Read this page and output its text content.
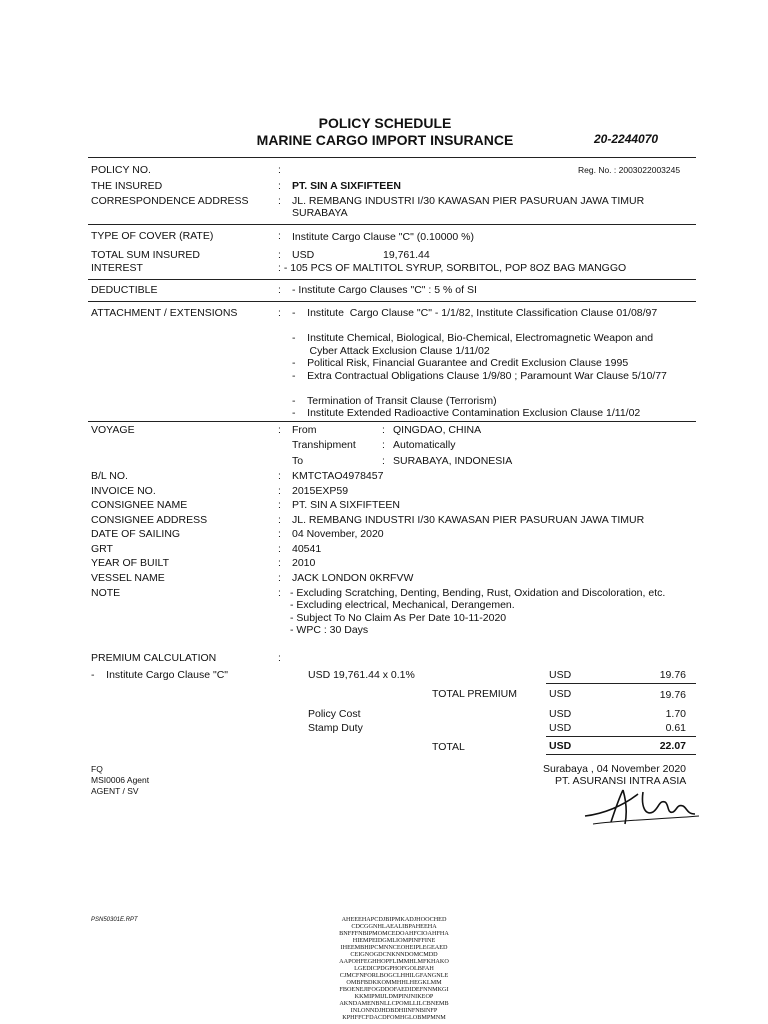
POLICY SCHEDULE
MARINE CARGO IMPORT INSURANCE	20-2244070
POLICY NO.	:	Reg. No. : 2003022003245
THE INSURED	: PT. SIN A SIXFIFTEEN
CORRESPONDENCE ADDRESS	: JL. REMBANG INDUSTRI I/30 KAWASAN PIER PASURUAN JAWA TIMUR
SURABAYA
TYPE OF COVER (RATE)	: Institute Cargo Clause "C" (0.10000 %)
TOTAL SUM INSURED	: USD	19,761.44
INTEREST	: - 105 PCS OF MALTITOL SYRUP, SORBITOL, POP 8OZ BAG MANGGO
DEDUCTIBLE	: - Institute Cargo Clauses "C" : 5 % of SI
ATTACHMENT / EXTENSIONS	: -    Institute  Cargo Clause "C" - 1/1/82, Institute Classification Clause 01/08/97
-    Institute Chemical, Biological, Bio-Chemical, Electromagnetic Weapon and
Cyber Attack Exclusion Clause 1/11/02
-    Political Risk, Financial Guarantee and Credit Exclusion Clause 1995
-    Extra Contractual Obligations Clause 1/9/80 ; Paramount War Clause 5/10/77
-    Termination of Transit Clause (Terrorism)
-    Institute Extended Radioactive Contamination Exclusion Clause 1/11/02
VOYAGE	: From	: QINGDAO, CHINA
Transhipment : Automatically
To	: SURABAYA, INDONESIA
B/L NO.	: KMTCTAO4978457
INVOICE NO.	: 2015EXP59
CONSIGNEE NAME	: PT. SIN A SIXFIFTEEN
CONSIGNEE ADDRESS	: JL. REMBANG INDUSTRI I/30 KAWASAN PIER PASURUAN JAWA TIMUR
DATE OF SAILING	: 04 November, 2020
GRT	: 40541
YEAR OF BUILT	: 2010
VESSEL NAME	: JACK LONDON 0KRFVW
NOTE	: - Excluding Scratching, Denting, Bending, Rust, Oxidation and Discoloration, etc.
- Excluding electrical, Mechanical, Derangemen.
- Subject To No Claim As Per Date 10-11-2020
- WPC : 30 Days
PREMIUM CALCULATION	:
-    Institute Cargo Clause "C"	USD 19,761.44 x 0.1%	USD	19.76
TOTAL PREMIUM	USD	19.76
Policy Cost	USD	1.70
Stamp Duty	USD	0.61
TOTAL	USD	22.07
FQ
MSI0006 Agent
AGENT / SV
Surabaya , 04 November 2020
PT. ASURANSI INTRA ASIA
PSN50301E.RPT	AHEEEHAPCDJBIPMKADJHOOCHED
CDCGGNHLAEALIBPAHEEHA
BNFFFNBIPMOMCEDOAHFCIOAHFHA
HIEMPEIDGMLIOMPINFFINE
IHEEMBHIPCMNNCEOHEIPLEGEAED
CEIGNOGDCNKNNDOMCMDD
AAPOHFEGHHOPFLIMMHLMFKHAKO
LGEDICPDGPHOFGOLBFAH
CJMCFNFORLBOGCLHHILGFANGNLE
OMBFBDKKOMMHHLHEGKLMM
FBOENEJIFOGDDOFAEDIDEFNNMKGI
KKMIPMIJLDMPINJNIKEOP
AKNDAMENBNLLCPOMLLILCBNEMB
INLONNDJHDBDHIINFNBINFP
KPHFFCFDACDFOMHGLOBMPMNM
